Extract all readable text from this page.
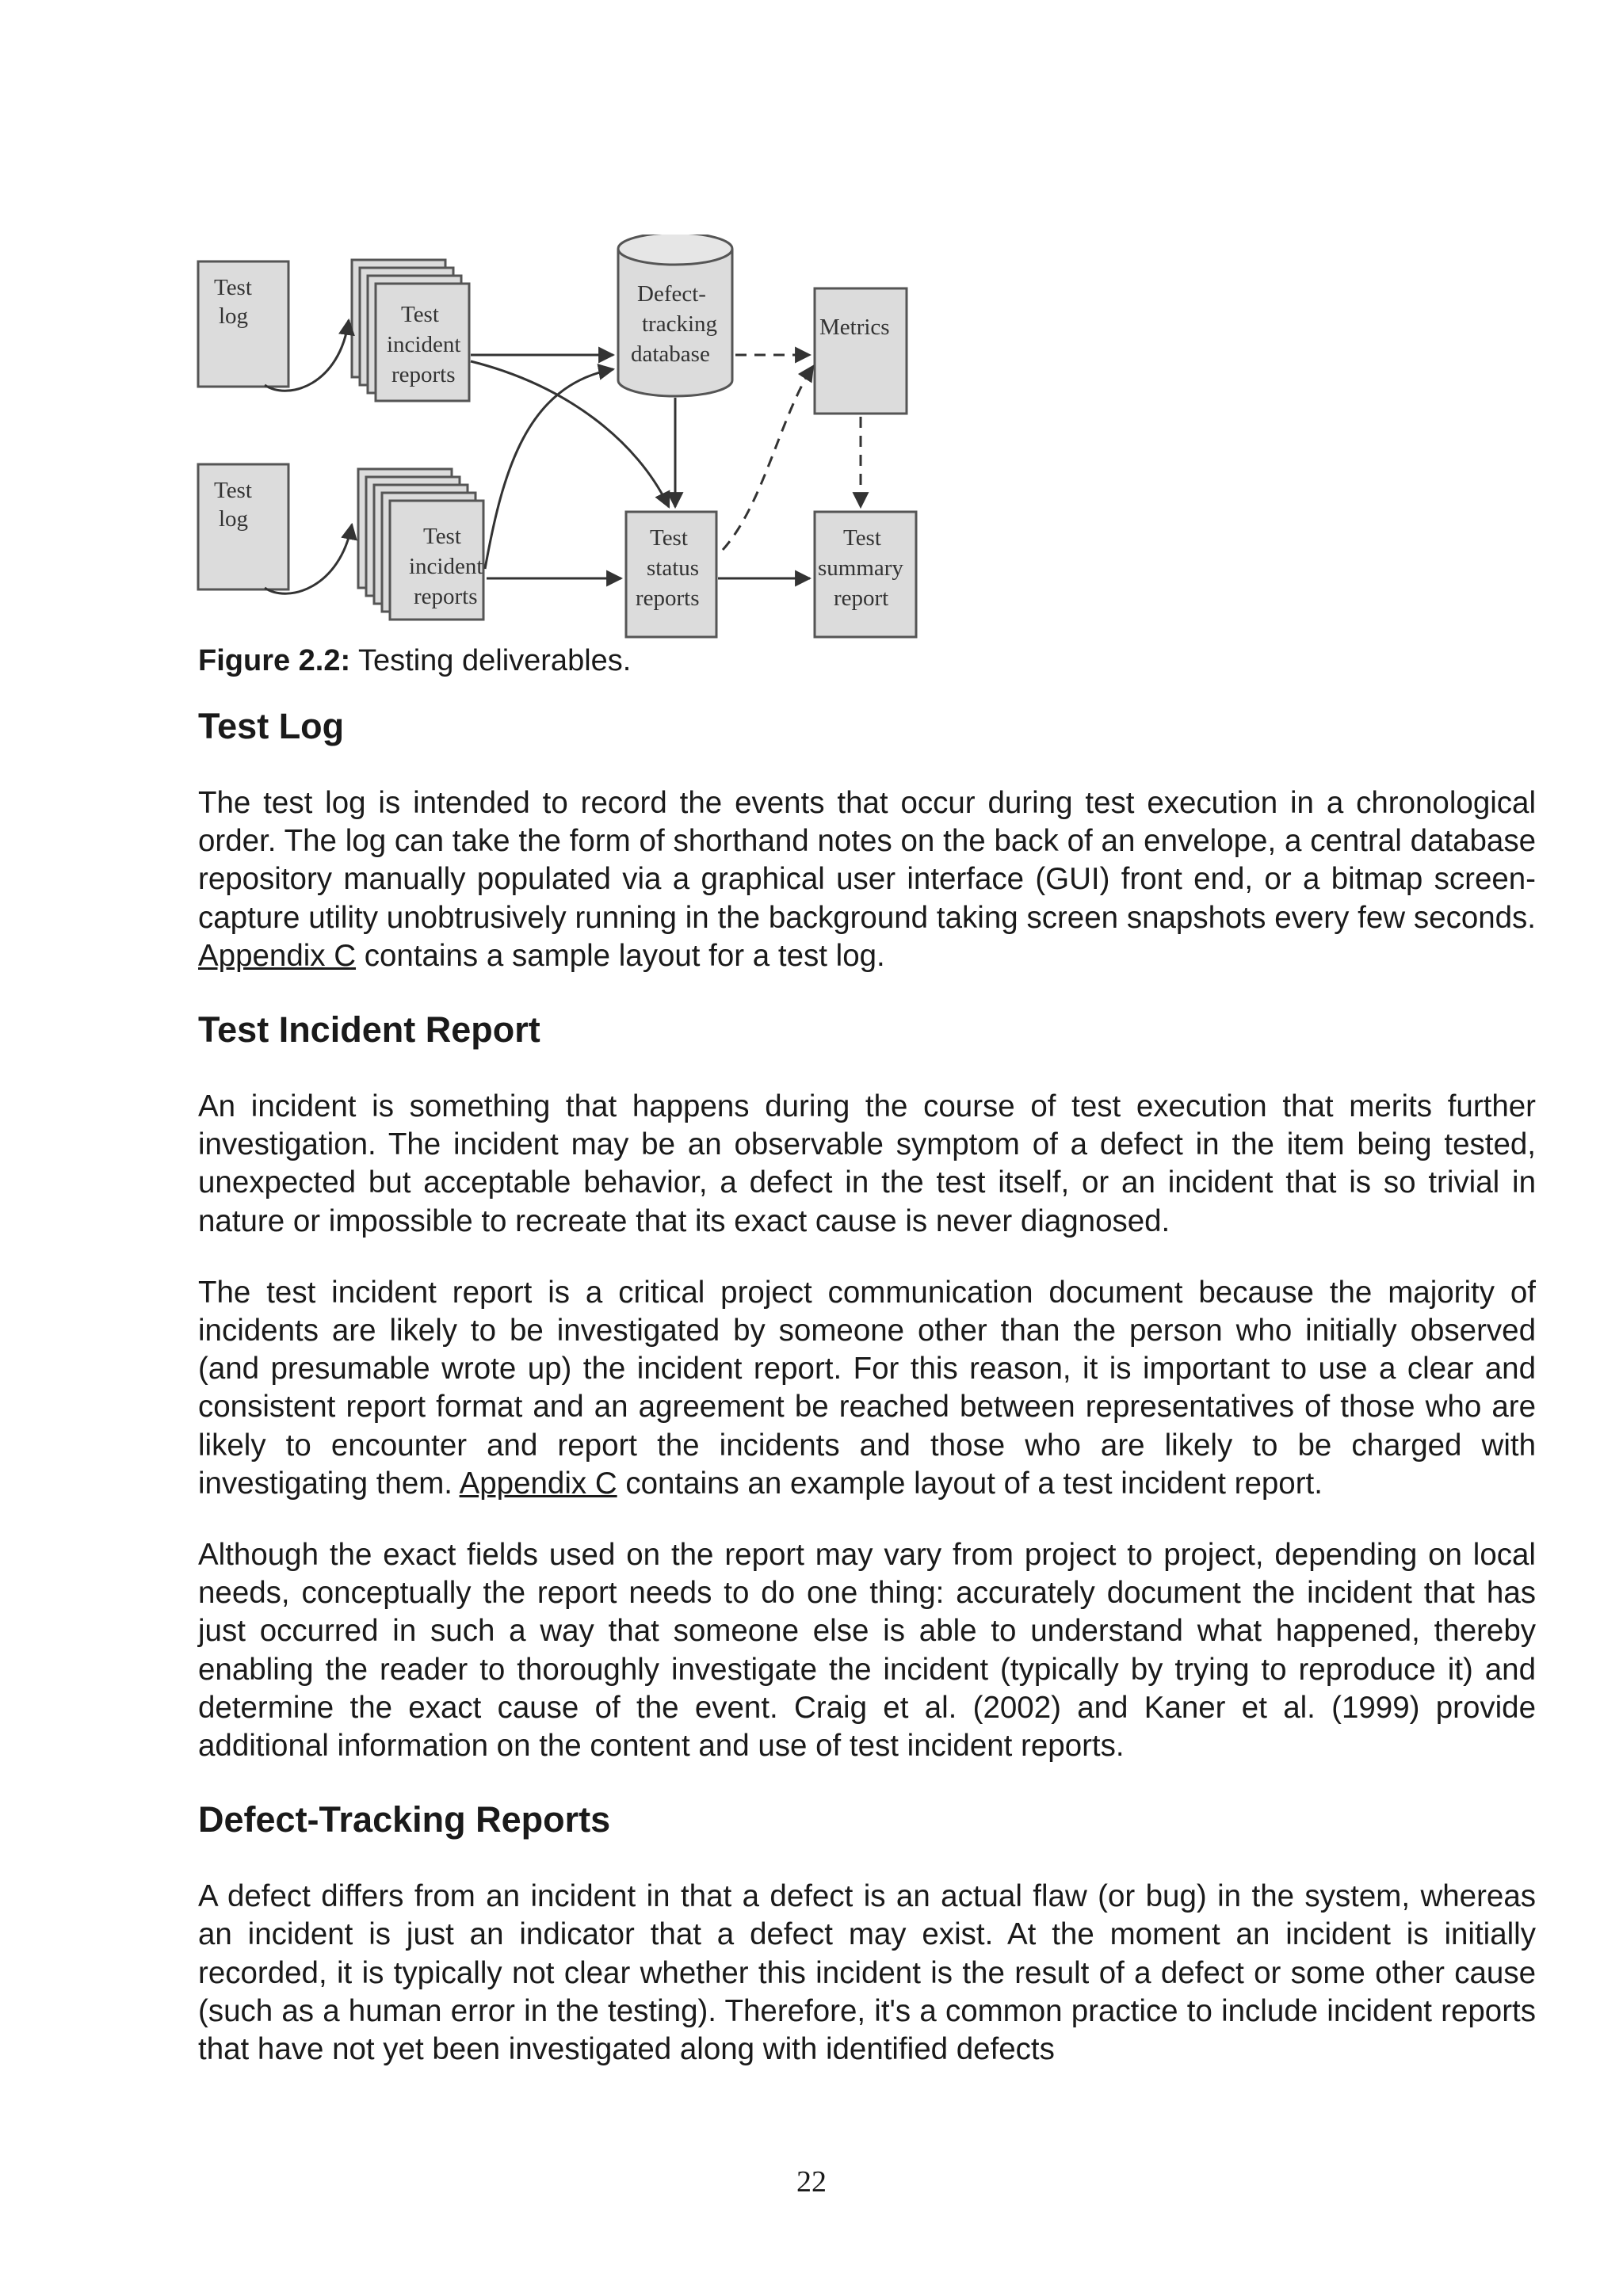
Test
log	Test
incident
reports
Defect-
tracking
database
Metrics
Test
log
Test
incident
reports
Test
status
reports
Test
summary
report

Figure 2.2: Testing deliverables.

Test Log

The test log is intended to record the events that occur during test execution in a chronological order. The log can take the form of shorthand notes on the back of an envelope, a central database repository manually populated via a graphical user interface (GUI) front end, or a bitmap screen-capture utility unobtrusively running in the background taking screen snapshots every few seconds. Appendix C contains a sample layout for a test log.

Test Incident Report

An incident is something that happens during the course of test execution that merits further investigation. The incident may be an observable symptom of a defect in the item being tested, unexpected but acceptable behavior, a defect in the test itself, or an incident that is so trivial in nature or impossible to recreate that its exact cause is never diagnosed.

The test incident report is a critical project communication document because the majority of incidents are likely to be investigated by someone other than the person who initially observed (and presumable wrote up) the incident report. For this reason, it is important to use a clear and consistent report format and an agreement be reached between representatives of those who are likely to encounter and report the incidents and those who are likely to be charged with investigating them. Appendix C contains an example layout of a test incident report.

Although the exact fields used on the report may vary from project to project, depending on local needs, conceptually the report needs to do one thing: accurately document the incident that has just occurred in such a way that someone else is able to understand what happened, thereby enabling the reader to thoroughly investigate the incident (typically by trying to reproduce it) and determine the exact cause of the event. Craig et al. (2002) and Kaner et al. (1999) provide additional information on the content and use of test incident reports.

Defect-Tracking Reports

A defect differs from an incident in that a defect is an actual flaw (or bug) in the system, whereas an incident is just an indicator that a defect may exist. At the moment an incident is initially recorded, it is typically not clear whether this incident is the result of a defect or some other cause (such as a human error in the testing). Therefore, it's a common practice to include incident reports that have not yet been investigated along with identified defects

22
